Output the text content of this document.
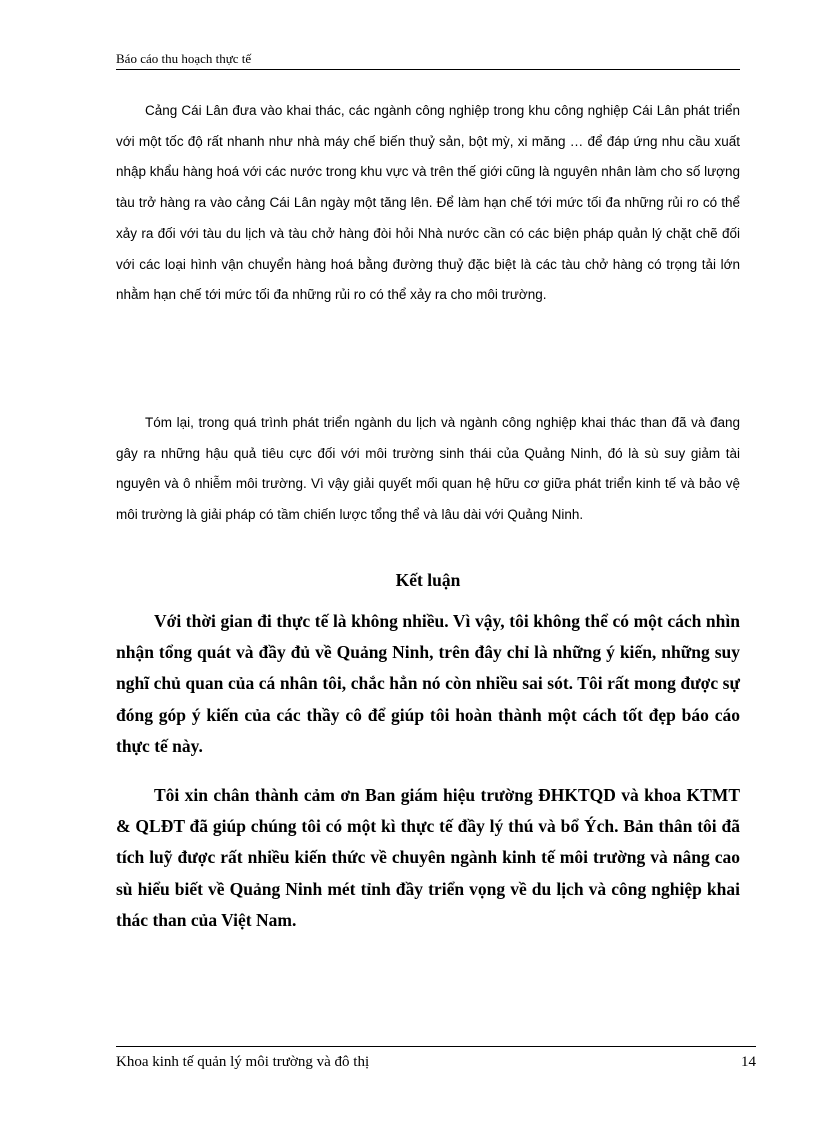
Báo cáo thu hoạch thực tế

Cảng Cái Lân đưa vào khai thác, các ngành công nghiệp trong khu công nghiệp Cái Lân phát triển với một tốc độ rất nhanh như nhà máy chế biến thuỷ sản, bột mỳ, xi măng … để đáp ứng nhu cầu xuất nhập khẩu hàng hoá với các nước trong khu vực và trên thế giới cũng là nguyên nhân làm cho số lượng tàu trở hàng ra vào cảng Cái Lân ngày một tăng lên. Để làm hạn chế tới mức tối đa những rủi ro có thể xảy ra đối với tàu du lịch và tàu chở hàng đòi hỏi Nhà nước cần có các biện pháp quản lý chặt chẽ đối với các loại hình vận chuyển hàng hoá bằng đường thuỷ đặc biệt là các tàu chở hàng có trọng tải lớn nhằm hạn chế tới mức tối đa những rủi ro có thể xảy ra cho môi trường.

Tóm lại, trong quá trình phát triển ngành du lịch và ngành công nghiệp khai thác than đã và đang gây ra những hậu quả tiêu cực đối với môi trường sinh thái của Quảng Ninh, đó là sù suy giảm tài nguyên và ô nhiễm môi trường. Vì vậy giải quyết mối quan hệ hữu cơ giữa phát triển kinh tế và bảo vệ môi trường là giải pháp có tầm chiến lược tổng thể và lâu dài với Quảng Ninh.

Kết luận

Với thời gian đi thực tế là không nhiều. Vì vậy, tôi không thể có một cách nhìn nhận tổng quát và đầy đủ về Quảng Ninh, trên đây chỉ là những ý kiến, những suy nghĩ chủ quan của cá nhân tôi, chắc hẳn nó còn nhiều sai sót. Tôi rất mong được sự đóng góp ý kiến của các thầy cô để giúp tôi hoàn thành một cách tốt đẹp báo cáo thực tế này.

Tôi xin chân thành cảm ơn Ban giám hiệu trường ĐHKTQD và khoa KTMT & QLĐT đã giúp chúng tôi có một kì thực tế đầy lý thú và bổ Ých. Bản thân tôi đã tích luỹ được rất nhiều kiến thức về chuyên ngành kinh tế môi trường và nâng cao sù hiểu biết về Quảng Ninh mét tỉnh đầy triển vọng về du lịch và công nghiệp khai thác than của Việt Nam.

Khoa kinh tế quản lý môi trường và đô thị	14
